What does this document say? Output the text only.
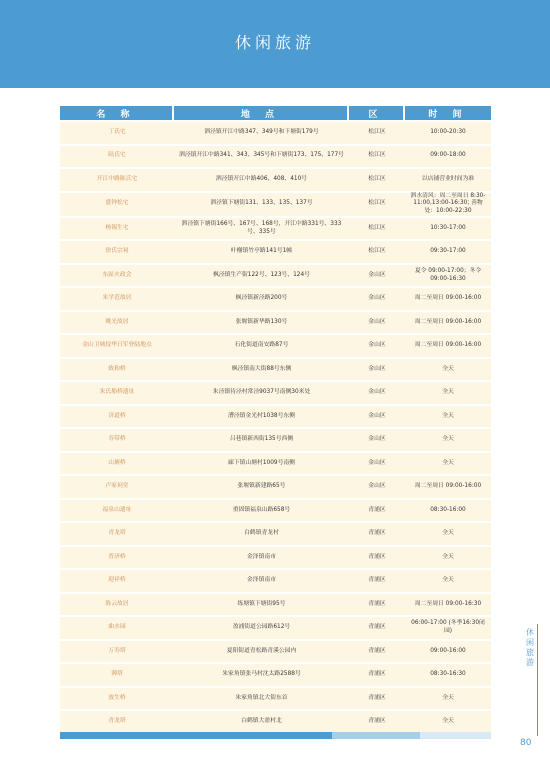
休闲旅游
名 称	地 点	区	时 间
丁氏宅	泗泾镇开江中路347、349号和下塘街179号	松江区	10:00-20:30
陆氏宅	泗泾镇开江中路341、343、345号和下塘街173、175、177号	松江区	09:00-18:00
开江中路陈氏宅	泗泾镇开江中路406、408、410号	松江区	以店铺营业时间为准
盛钟松宅	泗泾镇下塘街131、133、135、137号	松江区	泗水清风：周二至周日 8:30-11:00,13:00-16:30; 善物处：10:00-22:30
杨锡生宅	泗泾镇下塘街166号、167号、168号，开江中路331号、333号、335号	松江区	10:30-17:00
徐氏宗祠	叶榭镇竹亭路141号1幢	松江区	09:30-17:00
东區火政会	枫泾镇生产街122号、123号、124号	金山区	夏令 09:00-17:00；冬令 09:00-16:30
朱学范故居	枫泾镇新泾路200号	金山区	周二至周日 09:00-16:00
姚光故居	张堰镇新华路130号	金山区	周二至周日 09:00-16:00
金山卫城侵华日军登陆地点	石化街道南安路87号	金山区	周二至周日 09:00-16:00
致和桥	枫泾镇南大街88号东侧	金山区	全天
朱氏船桥遗址	朱泾镇待泾村常泾9037号南侧30米处	金山区	全天
济道桥	漕泾镇金光村1038号东侧	金山区	全天
寿带桥	吕巷镇新西街135号西侧	金山区	全天
山塘桥	廊下镇山塘村1009号南侧	金山区	全天
卢家祠堂	张堰镇新建路65号	金山区	周二至周日 09:00-16:00
福泉山遗址	重固镇福泉山路658号	青浦区	08:30-16:00
青龙塔	白鹤镇青龙村	青浦区	全天
普济桥	金泽镇南市	青浦区	全天
迎祥桥	金泽镇南市	青浦区	全天
陈云故居	练塘镇下塘街95号	青浦区	周二至周日 09:00-16:30
曲水园	盈浦街道公园路612号	青浦区	06:00-17:00 (冬季16:30闭园)
万寿塔	夏阳街道青松路青溪公园内	青浦区	09:00-16:00
泖塔	朱家角镇张马村沈太路2588号	青浦区	08:30-16:30
放生桥	朱家角镇北大街东首	青浦区	全天
青龙塔	白鹤镇大盈村北	青浦区	全天
休闲旅游
80
